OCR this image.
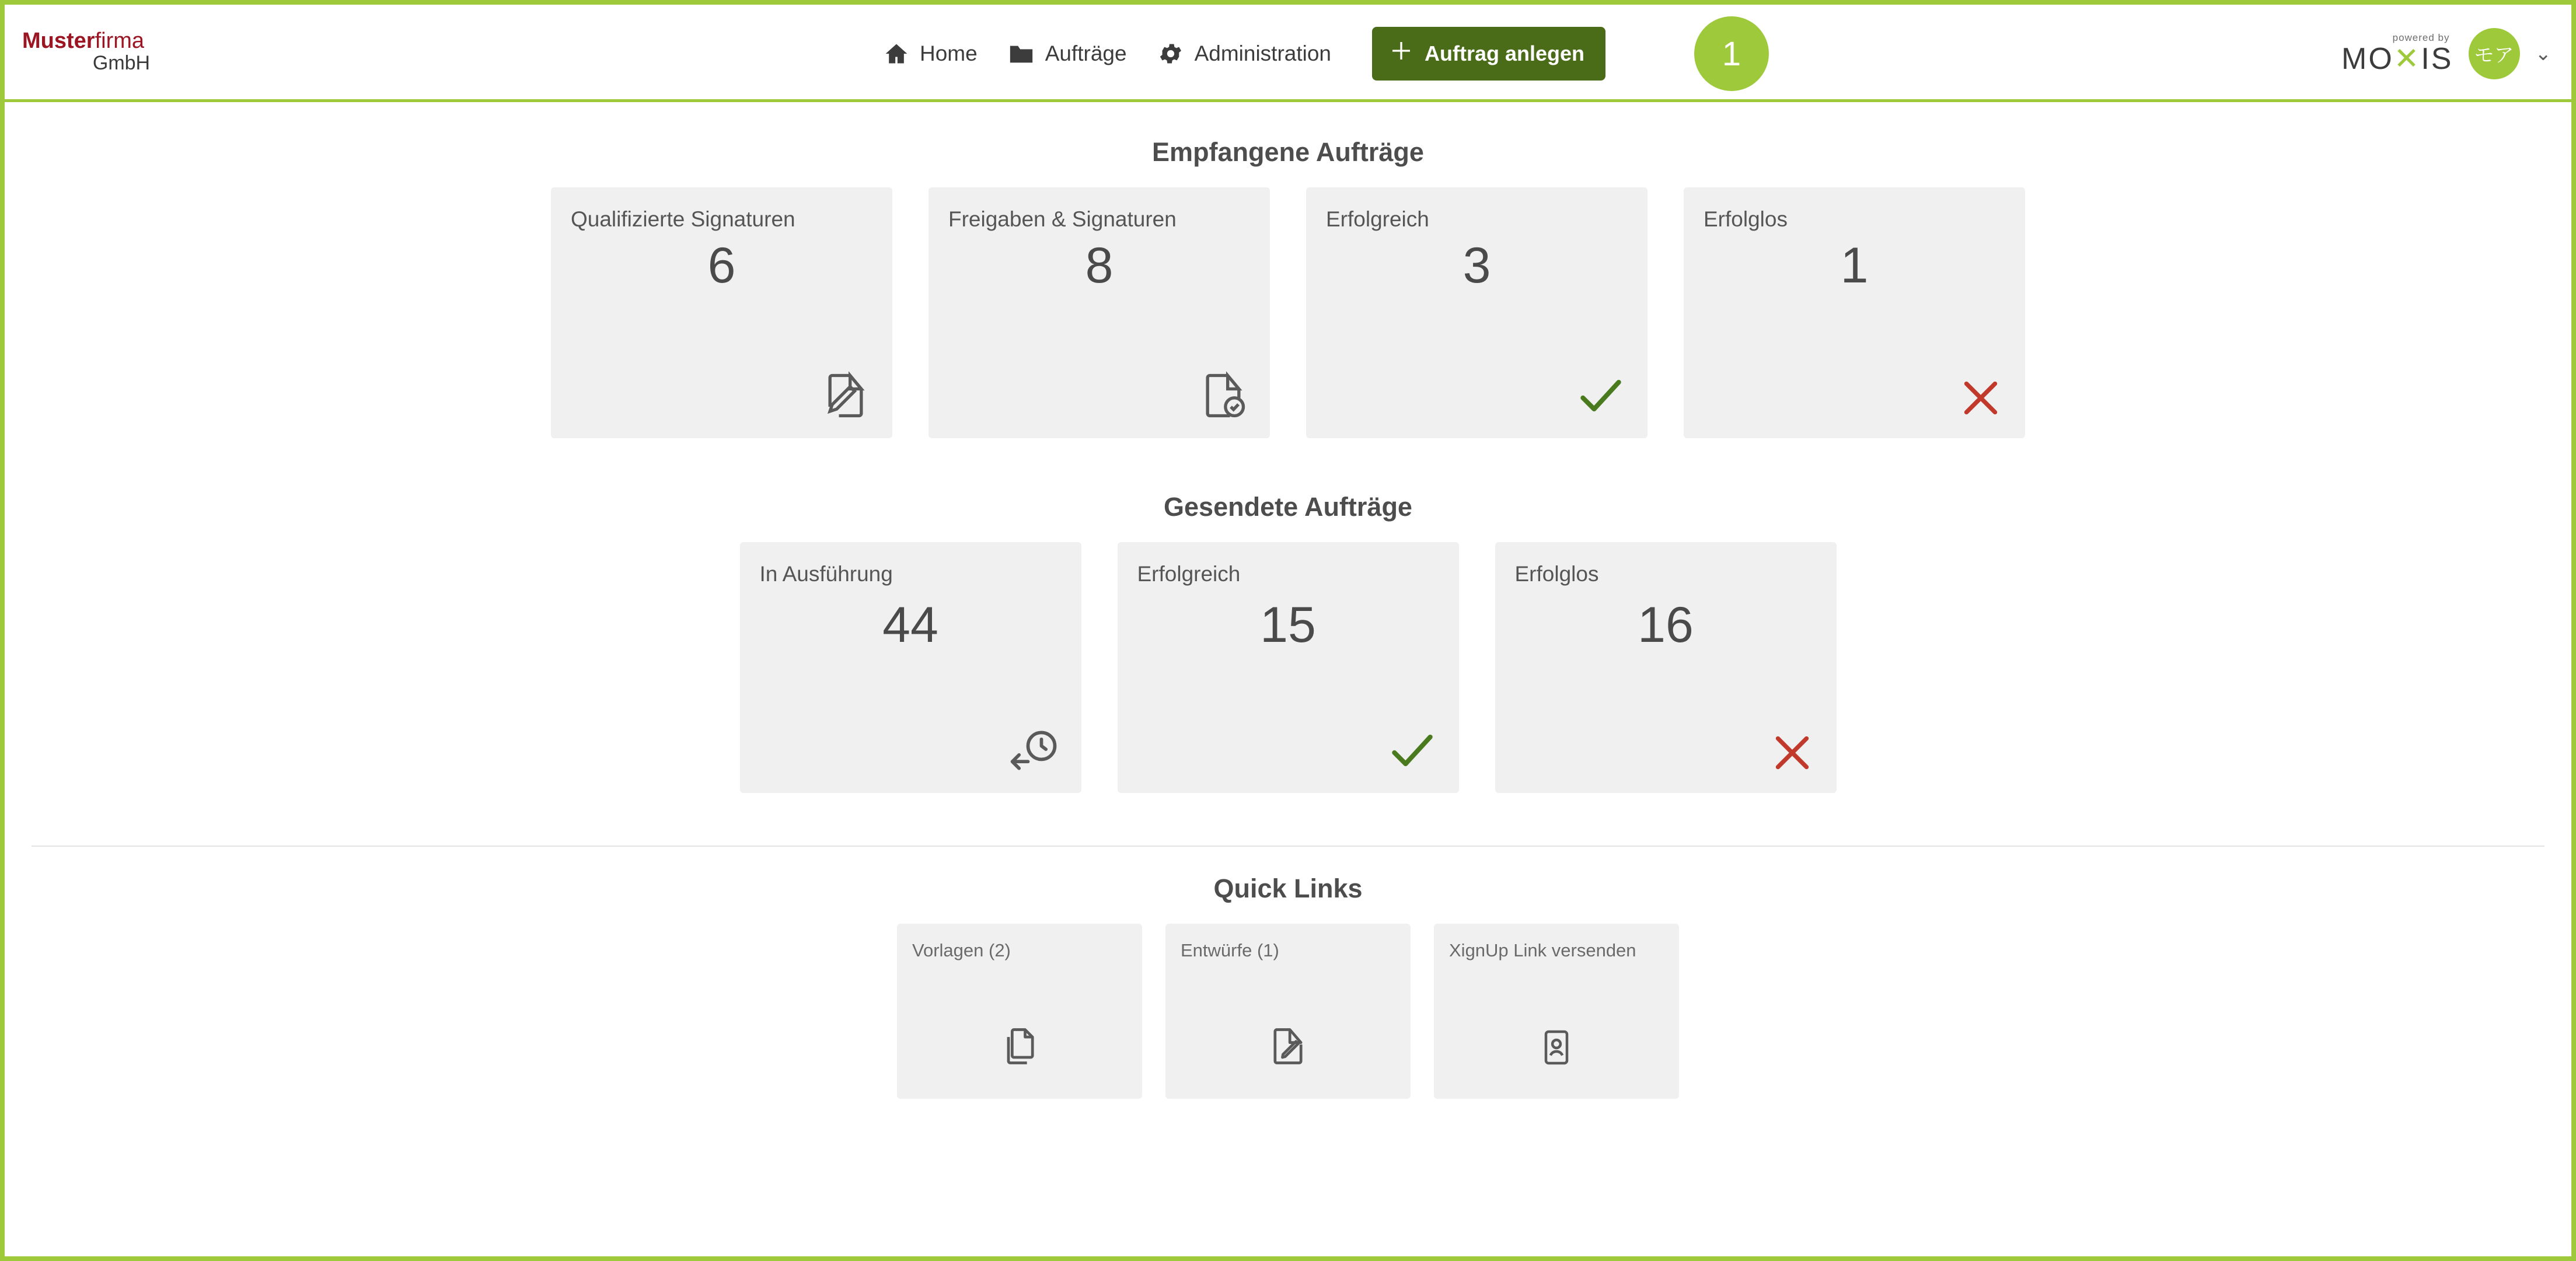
Musterfirma
GmbH	Home	Aufträge	Administration	Auftrag anlegen	1	powered by
MO✕IS モア ⌄
Empfangene Aufträge
Qualifizierte Signaturen
6
Freigaben & Signaturen
8
Erfolgreich
3
Erfolglos
1
Gesendete Aufträge
In Ausführung
44
Erfolgreich
15
Erfolglos
16
Quick Links
Vorlagen (2)	Entwürfe (1)	XignUp Link versenden
